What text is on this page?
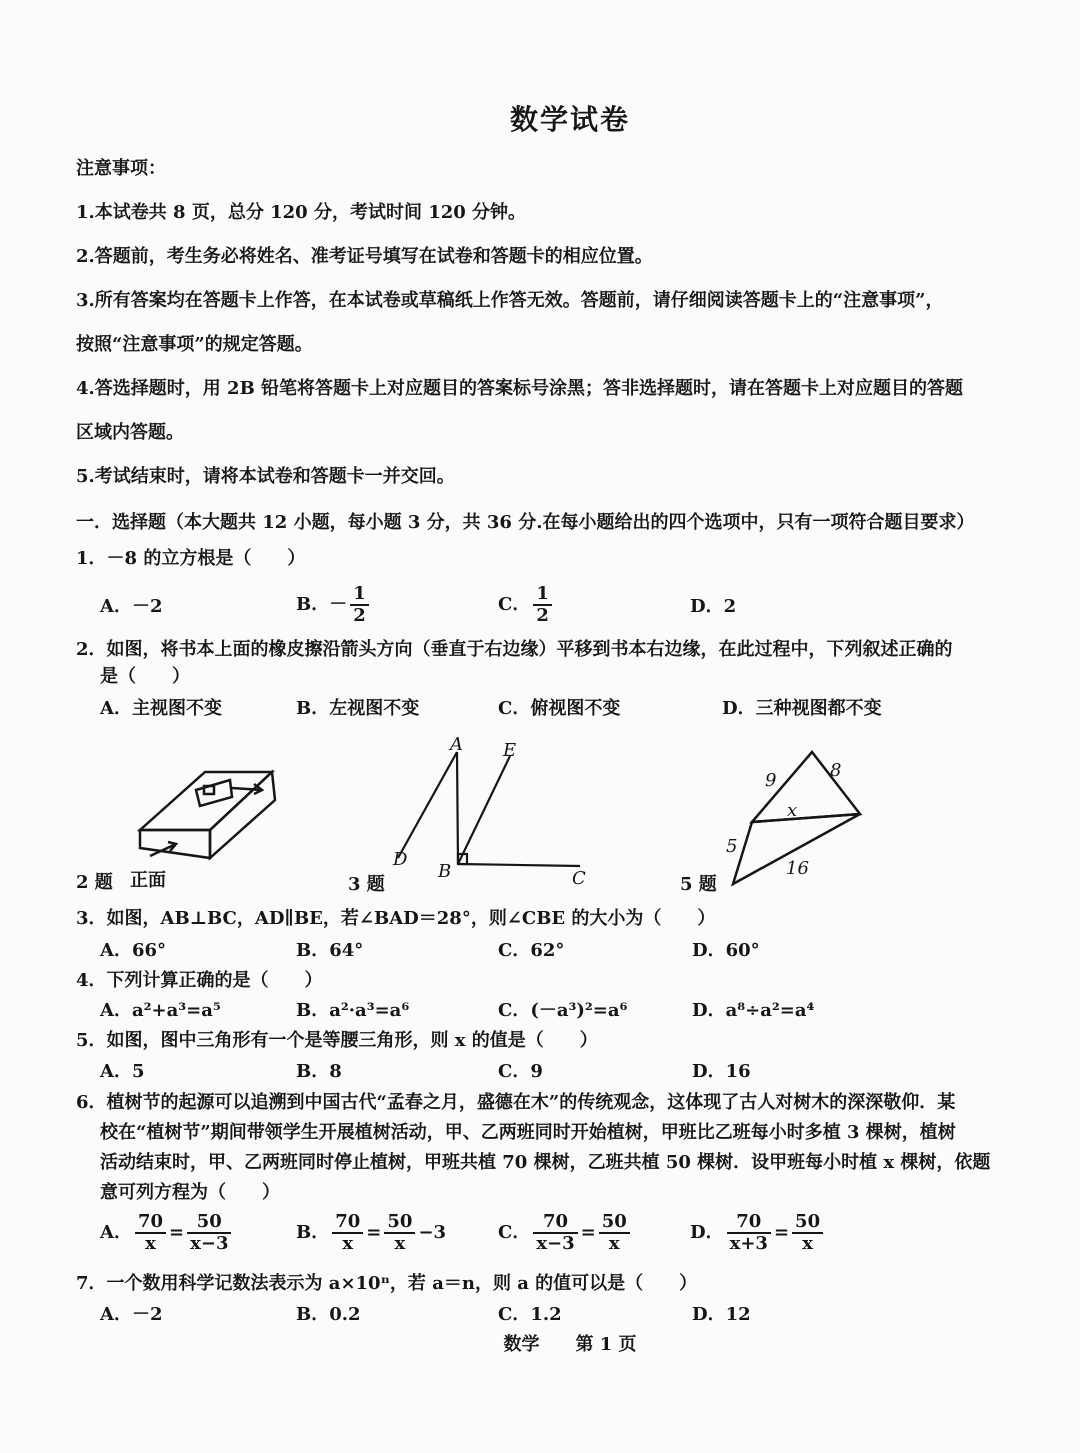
数学试卷
注意事项：
1.本试卷共 8 页，总分 120 分，考试时间 120 分钟。
2.答题前，考生务必将姓名、准考证号填写在试卷和答题卡的相应位置。
3.所有答案均在答题卡上作答，在本试卷或草稿纸上作答无效。答题前，请仔细阅读答题卡上的“注意事项”，
按照“注意事项”的规定答题。
4.答选择题时，用 2B 铅笔将答题卡上对应题目的答案标号涂黑；答非选择题时，请在答题卡上对应题目的答题
区域内答题。
5.考试结束时，请将本试卷和答题卡一并交回。
一．选择题（本大题共 12 小题，每小题 3 分，共 36 分.在每小题给出的四个选项中，只有一项符合题目要求）
1．－8 的立方根是（　　）
A．－2	B．－ $\frac{1}{2}$	C． $\frac{1}{2}$	D．2
2．如图，将书本上面的橡皮擦沿箭头方向（垂直于右边缘）平移到书本右边缘，在此过程中，下列叙述正确的
是（　　）
A．主视图不变	B．左视图不变	C．俯视图不变	D．三种视图都不变
A E
D
B	C
9	8
x
5
16
2 题 正面	3 题	5 题
3．如图，AB⊥BC，AD∥BE，若∠BAD＝28°，则∠CBE 的大小为（　　）
A．66°	B．64°	C．62°	D．60°
4．下列计算正确的是（　　）
A．a²+a³=a⁵	B．a²·a³=a⁶	C．(－a³)²=a⁶	D．a⁸÷a²=a⁴
5．如图，图中三角形有一个是等腰三角形，则 x 的值是（　　）
A．5	B．8	C．9	D．16
6．植树节的起源可以追溯到中国古代“孟春之月，盛德在木”的传统观念，这体现了古人对树木的深深敬仰．某
校在“植树节”期间带领学生开展植树活动，甲、乙两班同时开始植树，甲班比乙班每小时多植 3 棵树，植树
活动结束时，甲、乙两班同时停止植树，甲班共植 70 棵树，乙班共植 50 棵树．设甲班每小时植 x 棵树，依题
意可列方程为（　　）
A． $\frac{70}{x} = \frac{50}{x-3}$	B． $\frac{70}{x} = \frac{50}{x} -3$	C． $\frac{70}{x-3} = \frac{50}{x}$	D． $\frac{70}{x+3} = \frac{50}{x}$
7．一个数用科学记数法表示为 a×10ⁿ，若 a＝n，则 a 的值可以是（　　）
A．－2	B．0.2	C．1.2	D．12
数学　　第 1 页
